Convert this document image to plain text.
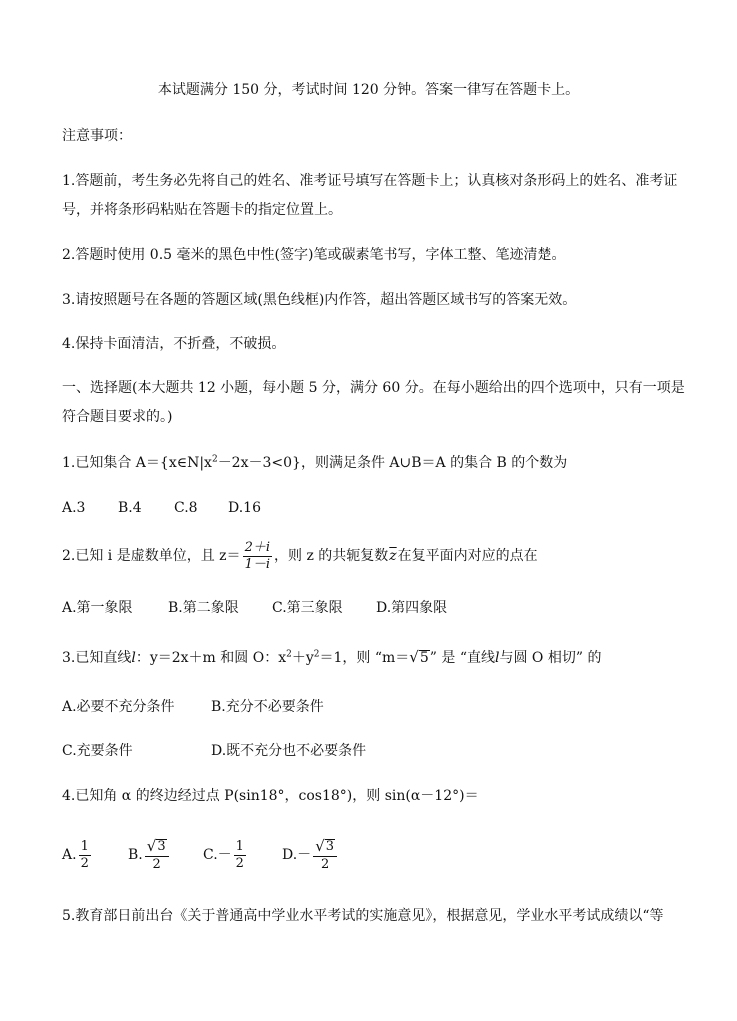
本试题满分 150 分，考试时间 120 分钟。答案一律写在答题卡上。
注意事项：
1.答题前，考生务必先将自己的姓名、准考证号填写在答题卡上；认真核对条形码上的姓名、准考证
号，并将条形码粘贴在答题卡的指定位置上。
2.答题时使用 0.5 毫米的黑色中性(签字)笔或碳素笔书写，字体工整、笔迹清楚。
3.请按照题号在各题的答题区域(黑色线框)内作答，超出答题区域书写的答案无效。
4.保持卡面清洁，不折叠，不破损。
一、选择题(本大题共 12 小题，每小题 5 分，满分 60 分。在每小题给出的四个选项中，只有一项是
符合题目要求的。)
1.已知集合 $A=\{x\in N|x^2-2x-3<0\}$，则满足条件 A∪B＝A 的集合 B 的个数为
A.3 B.4 C.8 D.16
2.已知 i 是虚数单位，且 $z= \frac{2+i}{1-i}$ ，则 z 的共轭复数$\overline{z}$在复平面内对应的点在
A.第一象限	B.第二象限 C.第三象限 D.第四象限
3.已知直线l：y＝2x＋m 和圆 O：$x^2+y^2=1$，则 “m＝ √ 5 ” 是 “直线l与圆 O 相切” 的
A.必要不充分条件	B.充分不必要条件
C.充要条件	D.既不充分也不必要条件
4.已知角 α 的终边经过点 P(sin18°，cos18°)，则 sin(α－12°)＝
A. $\frac{1}{2}$	B. $\frac{√ 3}{2} C.- \frac{1}{2}$	$D.- \frac{√ 3}{2}$
5.教育部日前出台《关于普通高中学业水平考试的实施意见》，根据意见，学业水平考试成绩以“等
